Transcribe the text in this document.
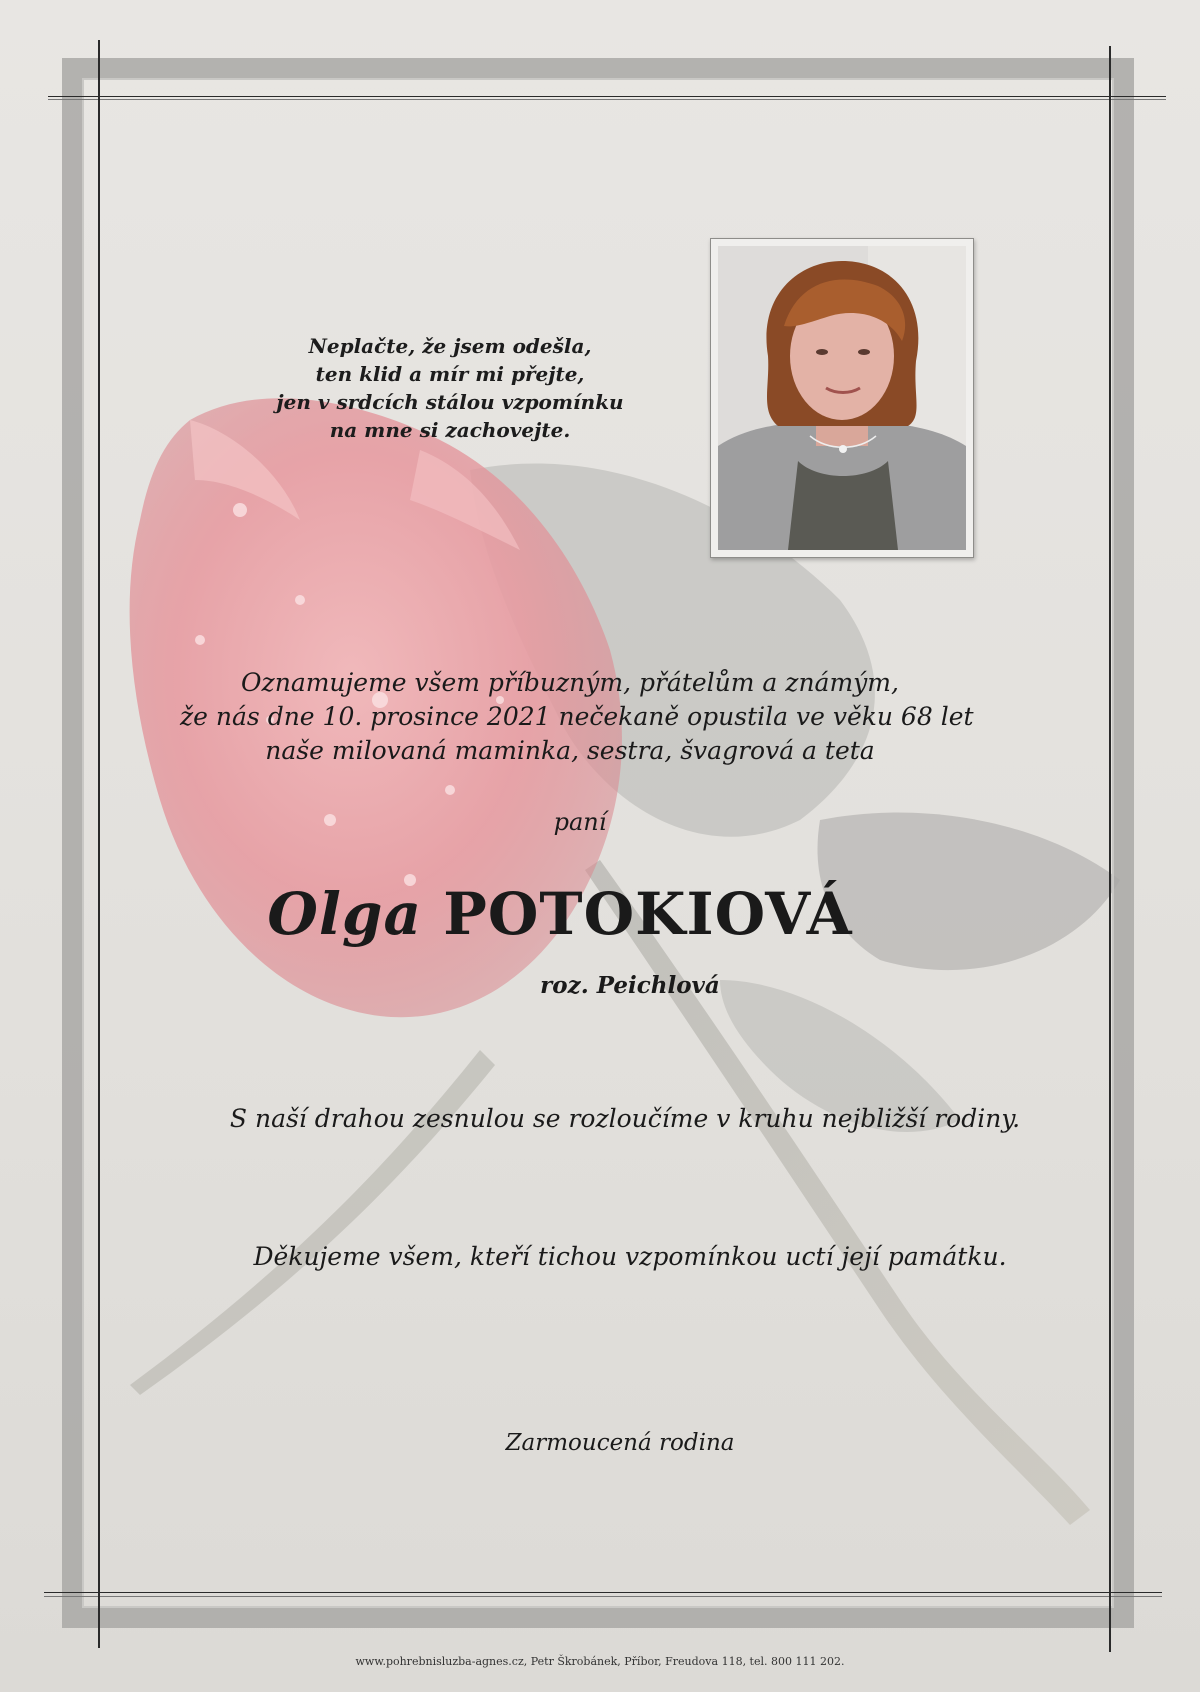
Neplačte, že jsem odešla,
ten klid a mír mi přejte,
jen v srdcích stálou vzpomínku
na mne si zachovejte.
Oznamujeme všem příbuzným, přátelům a známým,
že nás dne 10. prosince 2021 nečekaně opustila ve věku 68 let
naše milovaná maminka, sestra, švagrová a teta
paní
Olga POTOKIOVÁ
roz. Peichlová
S naší drahou zesnulou se rozloučíme v kruhu nejbližší rodiny.
Děkujeme všem, kteří tichou vzpomínkou uctí její památku.
Zarmoucená rodina
www.pohrebnisluzba-agnes.cz, Petr Škrobánek, Příbor, Freudova 118, tel. 800 111 202.
